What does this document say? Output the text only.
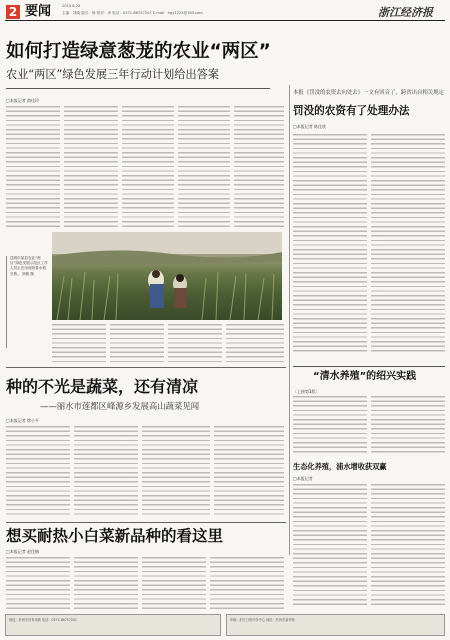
2 要闻	2015.8.22
主编：刘晓 版式：杨 校对：李 电话：0571-86757207 E-mail：hgy1221@163.com	浙江经济报
如何打造绿意葱茏的农业“两区”
农业“两区”绿色发展三年行动计划给出答案
□本报记者 俞佳玲
昆明市某县农业“两区”绿色发展示范区工作人员正在田间查看水稻长势。 刘敏 摄
种的不光是蔬菜，还有清凉
——丽水市莲都区峰源乡发展高山蔬菜见闻
□本报记者 徐小平
想买耐热小白菜新品种的看这里
□本报记者 赵佳楠
本报《罚没的农资去向处去》一文有回音了，跨省出台相关规定
罚没的农资有了处理办法
□本报记者 陈佳欣
“清水养殖”的绍兴实践
〔上接第1版〕
生态化养殖，浦水增收获双赢
□本报记者
地址：杭州市体育场路 电话：0571-86757201	印刷：浙江日报印务中心 地址：杭州市新华路
